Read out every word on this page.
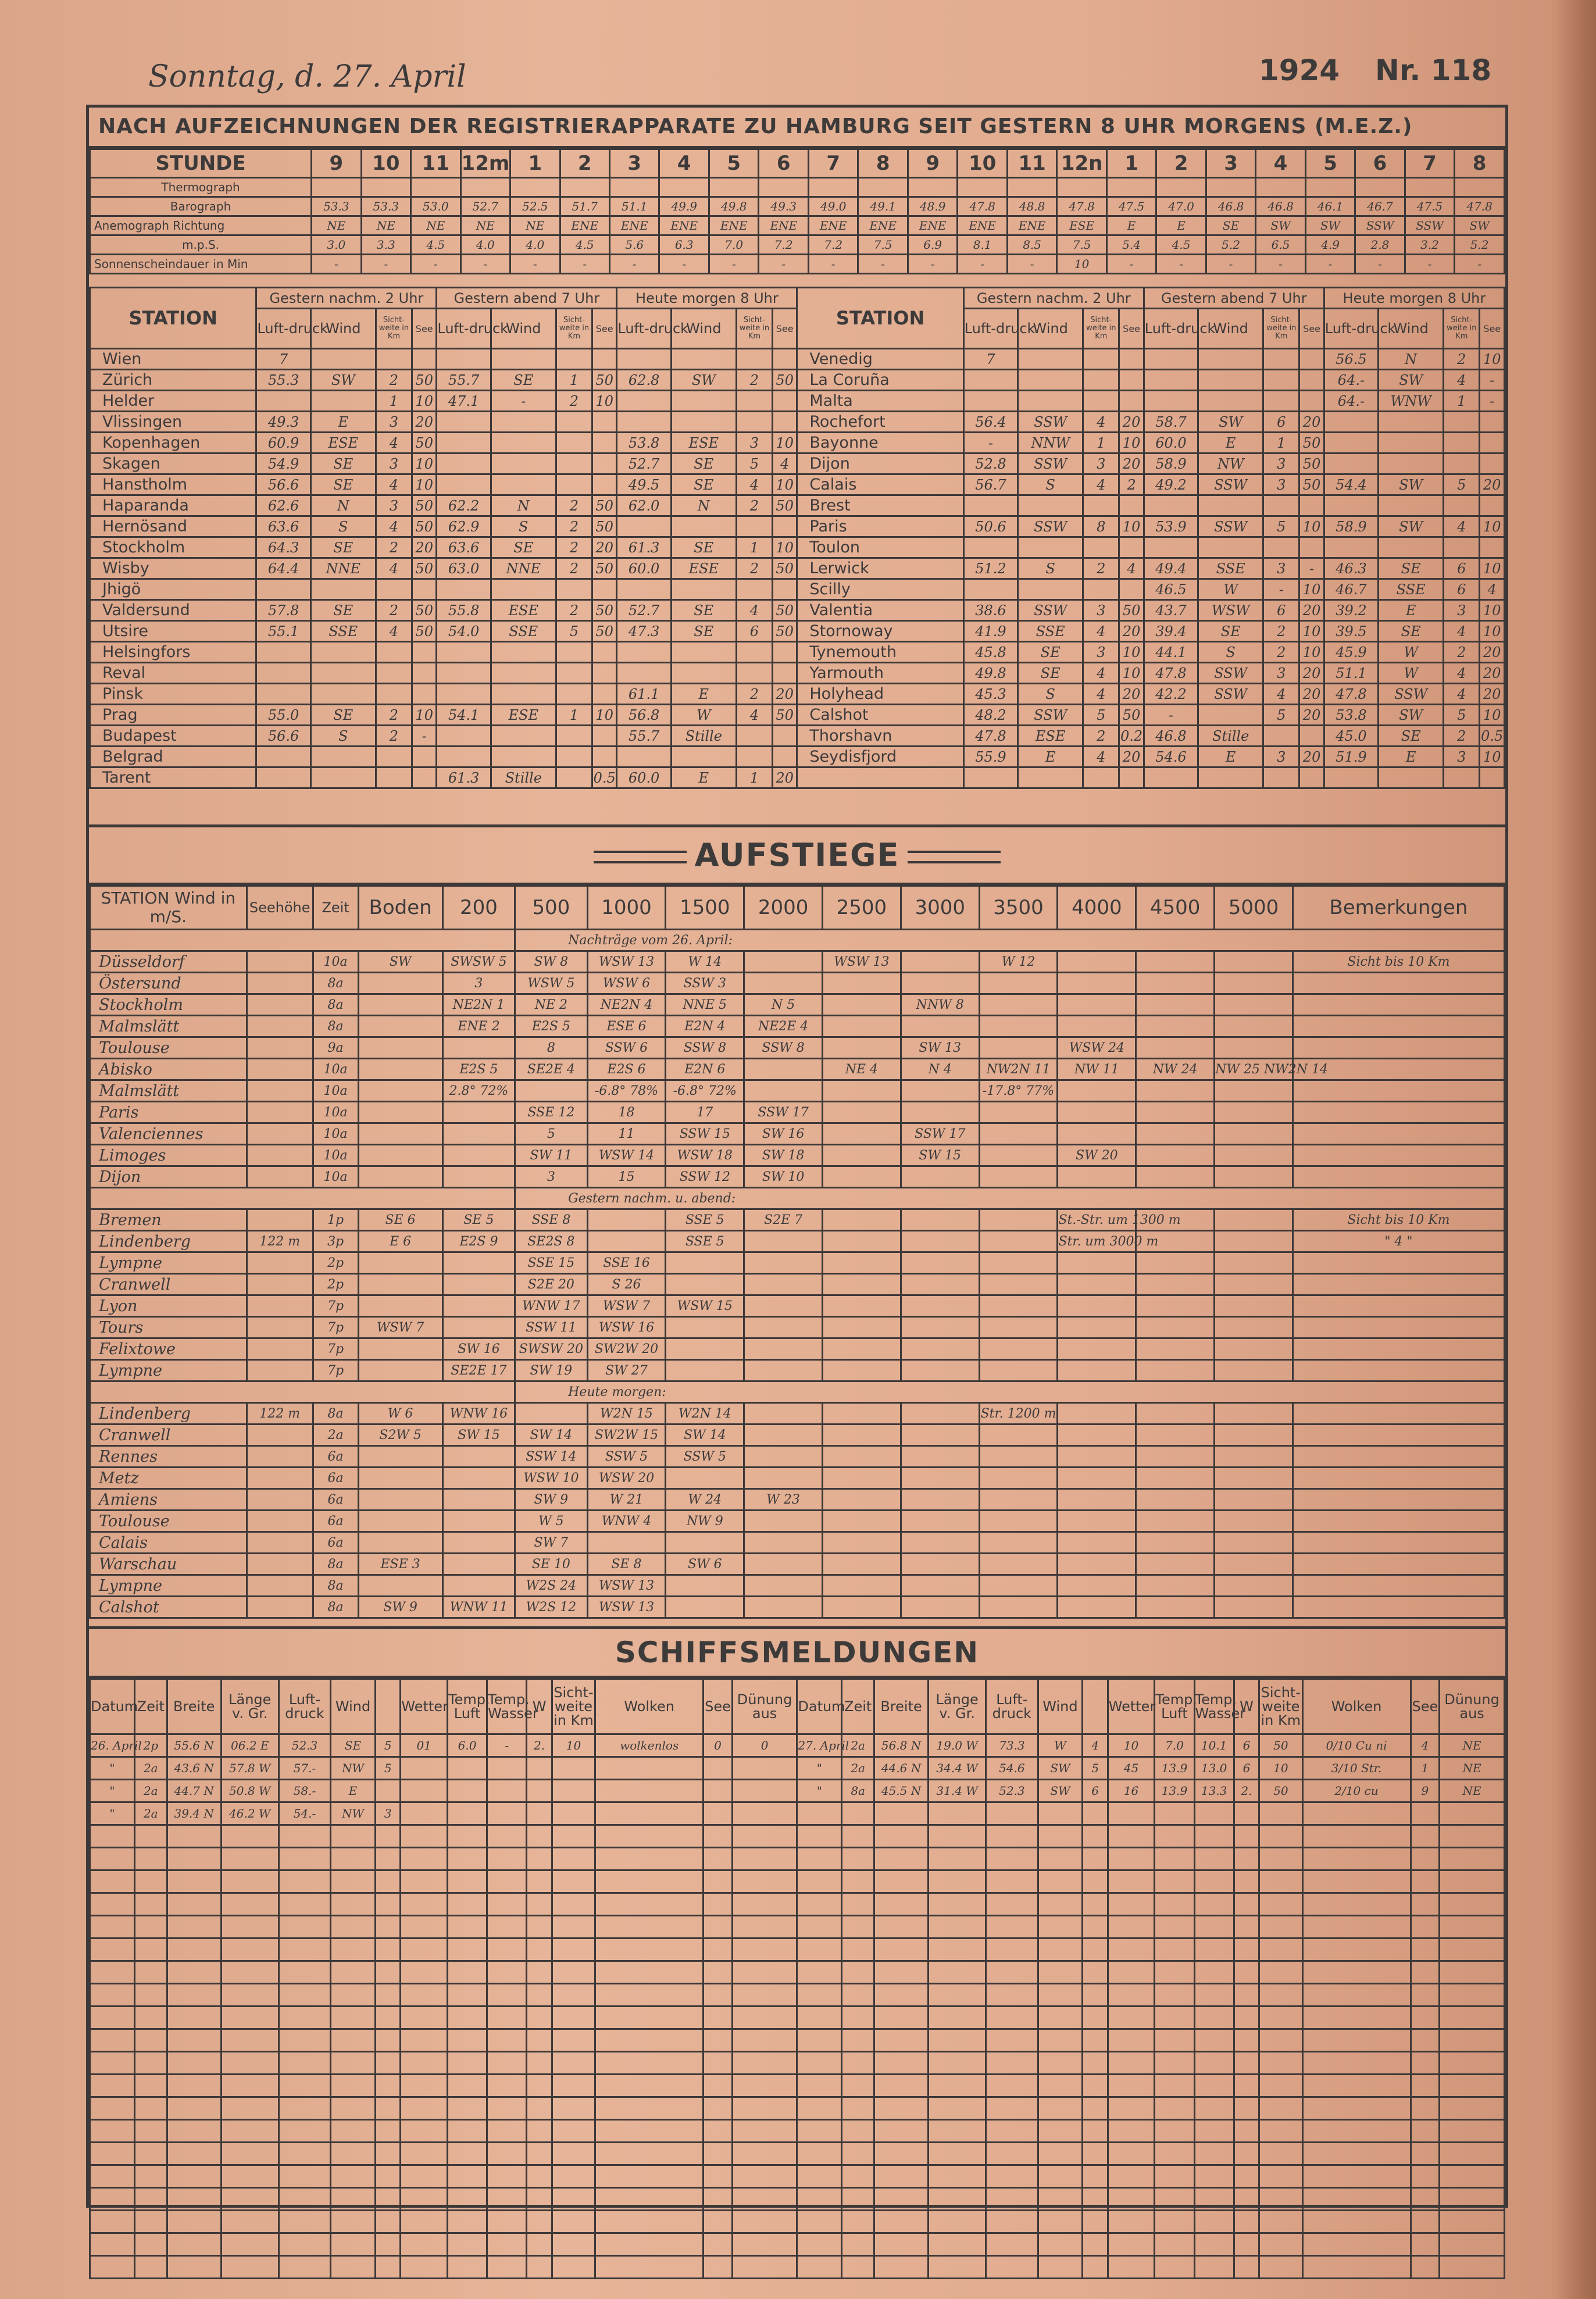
Sonntag, d. 27. April	1924 Nr. 118
NACH AUFZEICHNUNGEN DER REGISTRIERAPPARATE ZU HAMBURG SEIT GESTERN 8 UHR MORGENS (M.E.Z.)
STUNDE	9	10	11	12m	1	2	3	4	5	6	7	8	9	10	11	12n	1	2	3	4	5	6	7	8
Thermograph																								
Barograph	53.3	53.3	53.0	52.7	52.5	51.7	51.1	49.9	49.8	49.3	49.0	49.1	48.9	47.8	48.8	47.8	47.5	47.0	46.8	46.8	46.1	46.7	47.5	47.8
Anemograph Richtung	NE	NE	NE	NE	NE	ENE	ENE	ENE	ENE	ENE	ENE	ENE	ENE	ENE	ENE	ESE	E	E	SE	SW	SW	SSW	SSW	SW
m.p.S.	3.0	3.3	4.5	4.0	4.0	4.5	5.6	6.3	7.0	7.2	7.2	7.5	6.9	8.1	8.5	7.5	5.4	4.5	5.2	6.5	4.9	2.8	3.2	5.2
Sonnenscheindauer in Min	-	-	-	-	-	-	-	-	-	-	-	-	-	-	-	10	-	-	-	-	-	-	-	-
STATION	Gestern nachm. 2 Uhr				Gestern abend 7 Uhr				Heute morgen 8 Uhr				STATION	Gestern nachm. 2 Uhr				Gestern abend 7 Uhr				Heute morgen 8 Uhr			
	Luft-druck	Wind	Sicht-weite in Km	See	Luft-druck	Wind	Sicht-weite in Km	See	Luft-druck	Wind	Sicht-weite in Km	See		Luft-druck	Wind	Sicht-weite in Km	See	Luft-druck	Wind	Sicht-weite in Km	See	Luft-druck	Wind	Sicht-weite in Km	See
Wien	7												Venedig	7								56.5	N	2	10
Zürich	55.3	SW	2	50	55.7	SE	1	50	62.8	SW	2	50	La Coruña									64.-	SW	4	-
Helder			1	10	47.1	-	2	10					Malta									64.-	WNW	1	-
Vlissingen	49.3	E	3	20									Rochefort	56.4	SSW	4	20	58.7	SW	6	20				
Kopenhagen	60.9	ESE	4	50					53.8	ESE	3	10	Bayonne	-	NNW	1	10	60.0	E	1	50				
Skagen	54.9	SE	3	10					52.7	SE	5	4	Dijon	52.8	SSW	3	20	58.9	NW	3	50				
Hanstholm	56.6	SE	4	10					49.5	SE	4	10	Calais	56.7	S	4	2	49.2	SSW	3	50	54.4	SW	5	20
Haparanda	62.6	N	3	50	62.2	N	2	50	62.0	N	2	50	Brest												
Hernösand	63.6	S	4	50	62.9	S	2	50					Paris	50.6	SSW	8	10	53.9	SSW	5	10	58.9	SW	4	10
Stockholm	64.3	SE	2	20	63.6	SE	2	20	61.3	SE	1	10	Toulon												
Wisby	64.4	NNE	4	50	63.0	NNE	2	50	60.0	ESE	2	50	Lerwick	51.2	S	2	4	49.4	SSE	3	-	46.3	SE	6	10
Jhigö													Scilly					46.5	W	-	10	46.7	SSE	6	4
Valdersund	57.8	SE	2	50	55.8	ESE	2	50	52.7	SE	4	50	Valentia	38.6	SSW	3	50	43.7	WSW	6	20	39.2	E	3	10
Utsire	55.1	SSE	4	50	54.0	SSE	5	50	47.3	SE	6	50	Stornoway	41.9	SSE	4	20	39.4	SE	2	10	39.5	SE	4	10
Helsingfors													Tynemouth	45.8	SE	3	10	44.1	S	2	10	45.9	W	2	20
Reval													Yarmouth	49.8	SE	4	10	47.8	SSW	3	20	51.1	W	4	20
Pinsk									61.1	E	2	20	Holyhead	45.3	S	4	20	42.2	SSW	4	20	47.8	SSW	4	20
Prag	55.0	SE	2	10	54.1	ESE	1	10	56.8	W	4	50	Calshot	48.2	SSW	5	50	-		5	20	53.8	SW	5	10
Budapest	56.6	S	2	-					55.7	Stille			Thorshavn	47.8	ESE	2	0.2	46.8	Stille			45.0	SE	2	0.5
Belgrad													Seydisfjord	55.9	E	4	20	54.6	E	3	20	51.9	E	3	10
Tarent					61.3	Stille		0.5	60.0	E	1	20													
AUFSTIEGE
STATION Wind in m/S.	Seehöhe	Zeit	Boden	200	500	1000	1500	2000	2500	3000	3500	4000	4500	5000	Bemerkungen
					Nachträge vom 26. April:										
Düsseldorf		10a	SW	SWSW 5	SW 8	WSW 13	W 14		WSW 13		W 12				Sicht bis 10 Km
Östersund		8a		3	WSW 5	WSW 6	SSW 3								
Stockholm		8a		NE2N 1	NE 2	NE2N 4	NNE 5	N 5		NNW 8					
Malmslätt		8a		ENE 2	E2S 5	ESE 6	E2N 4	NE2E 4							
Toulouse		9a			8	SSW 6	SSW 8	SSW 8		SW 13		WSW 24			
Abisko		10a		E2S 5	SE2E 4	E2S 6	E2N 6		NE 4	N 4	NW2N 11	NW 11	NW 24	NW 25 NW2N 14	
Malmslätt		10a		2.8° 72%		-6.8° 78%	-6.8° 72%				-17.8° 77%				
Paris		10a			SSE 12	18	17	SSW 17							
Valenciennes		10a			5	11	SSW 15	SW 16		SSW 17					
Limoges		10a			SW 11	WSW 14	WSW 18	SW 18		SW 15		SW 20			
Dijon		10a			3	15	SSW 12	SW 10							
					Gestern nachm. u. abend:										
Bremen		1p	SE 6	SE 5	SSE 8		SSE 5	S2E 7				St.-Str. um 1300 m			Sicht bis 10 Km
Lindenberg	122 m	3p	E 6	E2S 9	SE2S 8		SSE 5					Str. um 3000 m			" 4 "
Lympne		2p			SSE 15	SSE 16									
Cranwell		2p			S2E 20	S 26									
Lyon		7p			WNW 17	WSW 7	WSW 15								
Tours		7p	WSW 7		SSW 11	WSW 16									
Felixtowe		7p		SW 16	SWSW 20	SW2W 20									
Lympne		7p		SE2E 17	SW 19	SW 27									
					Heute morgen:										
Lindenberg	122 m	8a	W 6	WNW 16		W2N 15	W2N 14				Str. 1200 m				
Cranwell		2a	S2W 5	SW 15	SW 14	SW2W 15	SW 14								
Rennes		6a			SSW 14	SSW 5	SSW 5								
Metz		6a			WSW 10	WSW 20									
Amiens		6a			SW 9	W 21	W 24	W 23							
Toulouse		6a			W 5	WNW 4	NW 9								
Calais		6a			SW 7										
Warschau		8a	ESE 3		SE 10	SE 8	SW 6								
Lympne		8a			W2S 24	WSW 13									
Calshot		8a	SW 9	WNW 11	W2S 12	WSW 13									
SCHIFFSMELDUNGEN
Datum	Zeit	Breite	Länge v. Gr.	Luft-druck	Wind		Wetter	Temp. Luft	Temp. Wasser	W	Sicht-weite in Km	Wolken	See	Dünung aus	Datum	Zeit	Breite	Länge v. Gr.	Luft-druck	Wind		Wetter	Temp. Luft	Temp. Wasser	W	Sicht-weite in Km	Wolken	See	Dünung aus
26. April	2p	55.6 N	06.2 E	52.3	SE	5	01	6.0	-	2.	10	wolkenlos	0	0	27. April	2a	56.8 N	19.0 W	73.3	W	4	10	7.0	10.1	6	50	0/10 Cu ni	4	NE
"	2a	43.6 N	57.8 W	57.-	NW	5									"	2a	44.6 N	34.4 W	54.6	SW	5	45	13.9	13.0	6	10	3/10 Str.	1	NE
"	2a	44.7 N	50.8 W	58.-	E										"	8a	45.5 N	31.4 W	52.3	SW	6	16	13.9	13.3	2.	50	2/10 cu	9	NE
"	2a	39.4 N	46.2 W	54.-	NW	3																							
